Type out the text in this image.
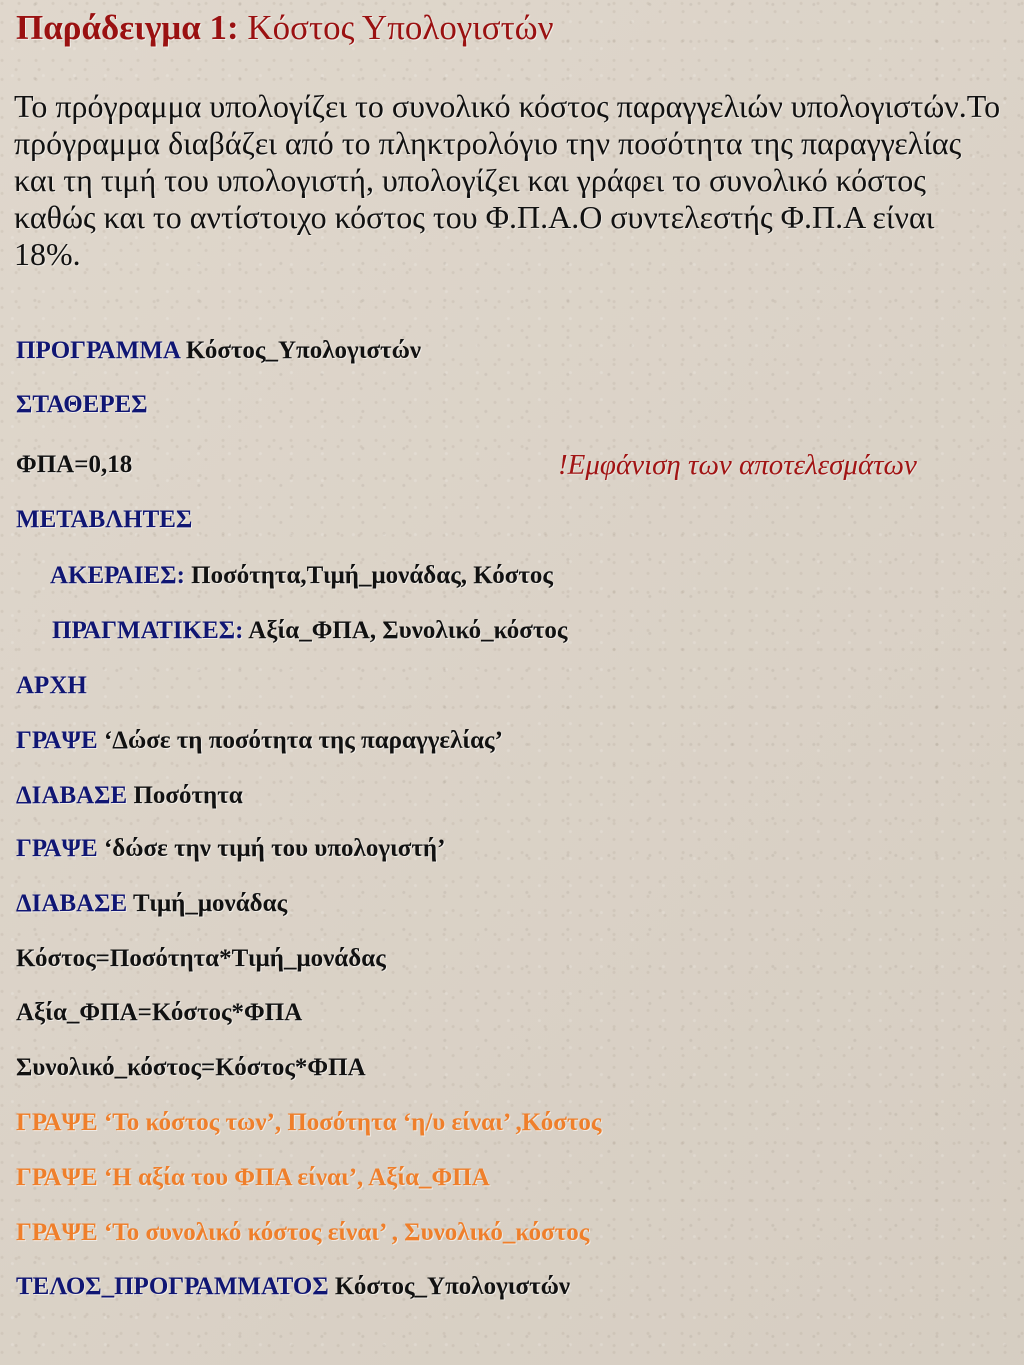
Παράδειγμα 1: Κόστος Υπολογιστών

Το πρόγραμμα υπολογίζει το συνολικό κόστος παραγγελιών υπολογιστών.Το πρόγραμμα διαβάζει από το πληκτρολόγιο την ποσότητα της παραγγελίας και τη τιμή του υπολογιστή, υπολογίζει και γράφει το συνολικό κόστος καθώς και το αντίστοιχο κόστος του Φ.Π.Α.Ο συντελεστής Φ.Π.Α είναι 18%.

ΠΡΟΓΡΑΜΜΑ Κόστος_Υπολογιστών
ΣΤΑΘΕΡΕΣ
ΦΠΑ=0,18	!Εμφάνιση των αποτελεσμάτων
ΜΕΤΑΒΛΗΤΕΣ
ΑΚΕΡΑΙΕΣ: Ποσότητα,Τιμή_μονάδας, Κόστος
ΠΡΑΓΜΑΤΙΚΕΣ: Αξία_ΦΠΑ, Συνολικό_κόστος
ΑΡΧΗ
ΓΡΑΨΕ ‘Δώσε τη ποσότητα της παραγγελίας’
ΔΙΑΒΑΣΕ Ποσότητα
ΓΡΑΨΕ ‘δώσε την τιμή του υπολογιστή’
ΔΙΑΒΑΣΕ Τιμή_μονάδας
Κόστος=Ποσότητα*Τιμή_μονάδας
Αξία_ΦΠΑ=Κόστος*ΦΠΑ
Συνολικό_κόστος=Κόστος*ΦΠΑ
ΓΡΑΨΕ ‘Το κόστος των’, Ποσότητα ‘η/υ είναι’ ,Κόστος
ΓΡΑΨΕ ‘Η αξία του ΦΠΑ είναι’, Αξία_ΦΠΑ
ΓΡΑΨΕ ‘Το συνολικό κόστος είναι’ , Συνολικό_κόστος
ΤΕΛΟΣ_ΠΡΟΓΡΑΜΜΑΤΟΣ Κόστος_Υπολογιστών
